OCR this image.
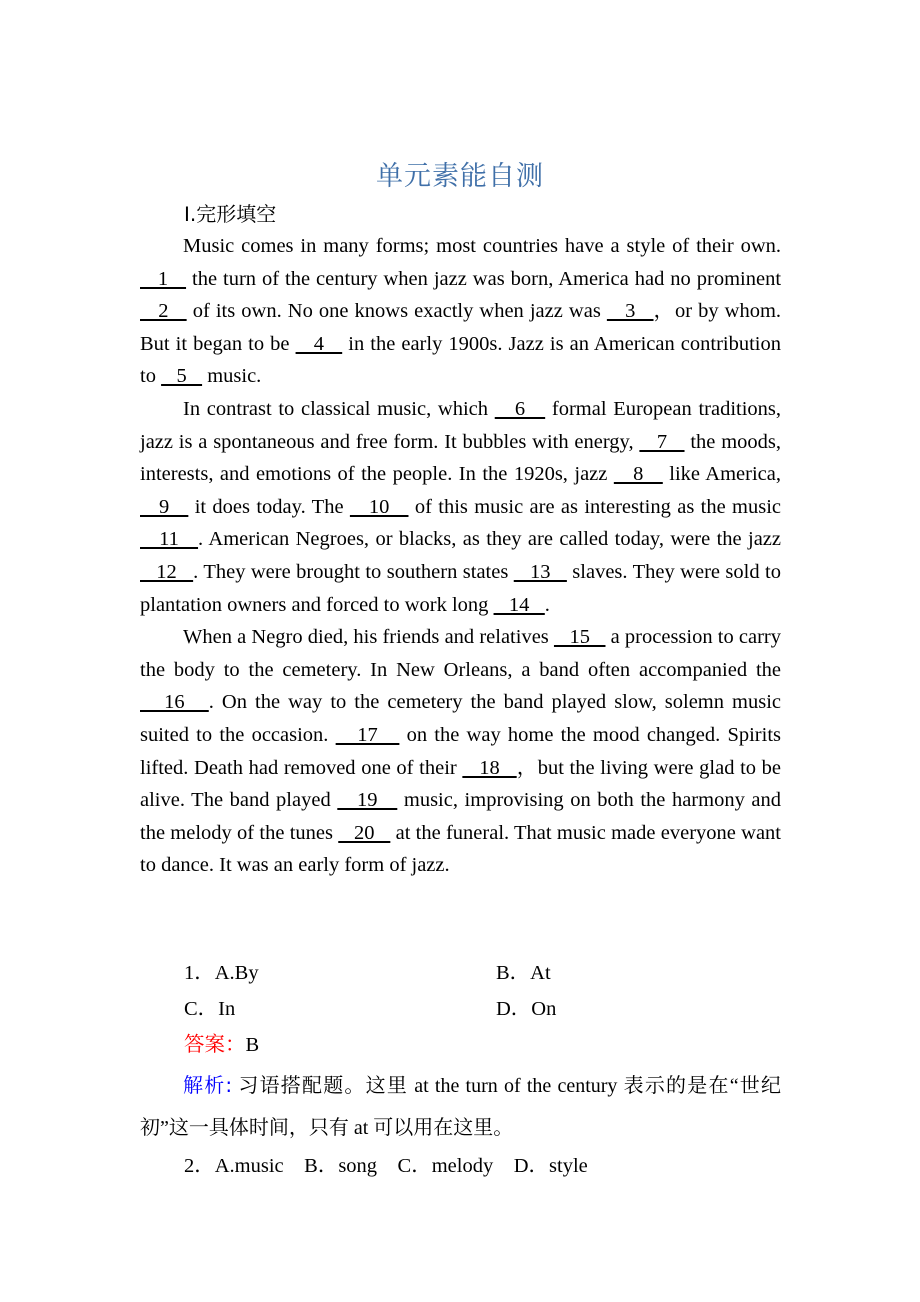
单元素能自测
Ⅰ.完形填空

Music comes in many forms; most countries have a style of their own.    1    the turn of the century when jazz was born, America had no prominent    2    of its own. No one knows exactly when jazz was    3   ，or by whom. But it began to be    4    in the early 1900s. Jazz is an American contribution to    5    music.

In contrast to classical music, which    6    formal European traditions, jazz is a spontaneous and free form. It bubbles with energy,    7    the moods, interests, and emotions of the people. In the 1920s, jazz    8    like America,    9    it does today. The    10    of this music are as interesting as the music    11   . American Negroes, or blacks, as they are called today, were the jazz    12   . They were brought to southern states    13    slaves. They were sold to plantation owners and forced to work long    14   .

When a Negro died, his friends and relatives    15    a procession to carry the body to the cemetery. In New Orleans, a band often accompanied the    16   . On the way to the cemetery the band played slow, solemn music suited to the occasion.    17    on the way home the mood changed. Spirits lifted. Death had removed one of their    18   ，but the living were glad to be alive. The band played    19    music, improvising on both the harmony and the melody of the tunes    20    at the funeral. That music made everyone want to dance. It was an early form of jazz.

1．A.By	B．At
C．In	D．On
答案：B
解析: 习语搭配题。这里 at the turn of the century 表示的是在“世纪初”这一具体时间，只有 at 可以用在这里。
2．A.music　B．song　C．melody　D．style
